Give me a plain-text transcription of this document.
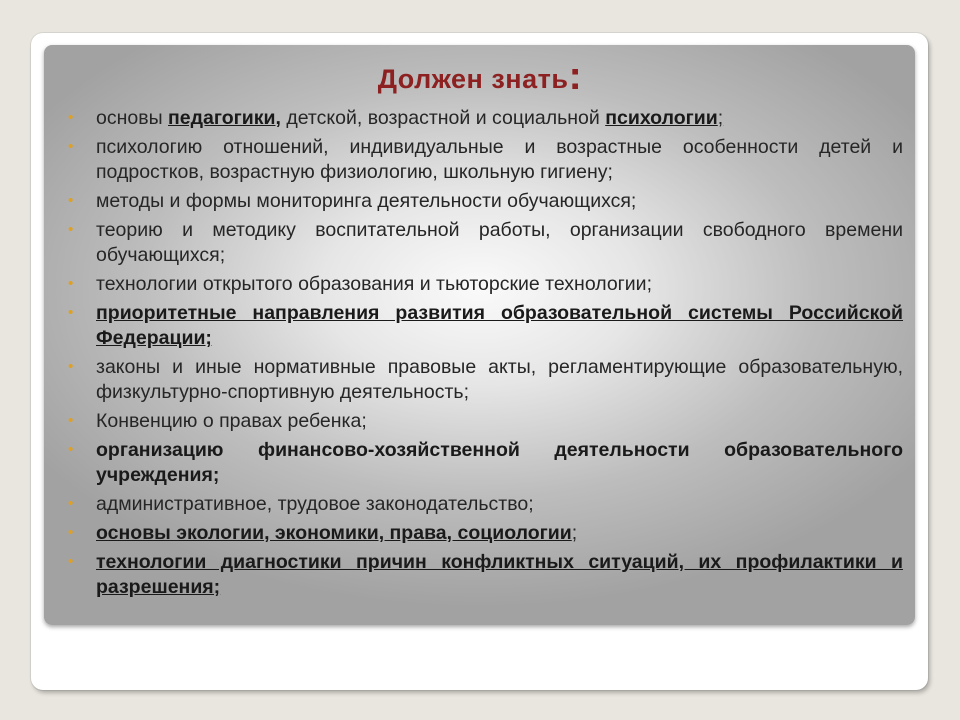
Должен знать:
• основы педагогики, детской, возрастной и социальной психологии;
• психологию отношений, индивидуальные и возрастные особенности детей и подростков, возрастную физиологию, школьную гигиену;
• методы и формы мониторинга деятельности обучающихся;
• теорию и методику воспитательной работы, организации свободного времени обучающихся;
• технологии открытого образования и тьюторские технологии;
• приоритетные направления развития образовательной системы Российской Федерации;
• законы и иные нормативные правовые акты, регламентирующие образовательную, физкультурно-спортивную деятельность;
• Конвенцию о правах ребенка;
• организацию финансово-хозяйственной деятельности образовательного учреждения;
• административное, трудовое законодательство;
• основы экологии, экономики, права, социологии;
• технологии диагностики причин конфликтных ситуаций, их профилактики и разрешения;
